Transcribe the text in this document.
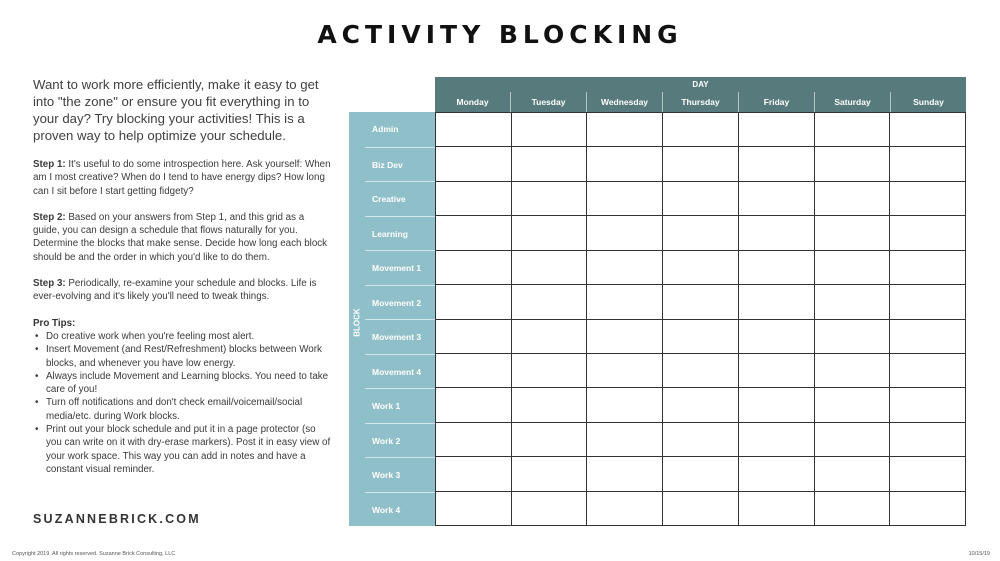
ACTIVITY BLOCKING

Want to work more efficiently, make it easy to get into "the zone" or ensure you fit everything in to your day? Try blocking your activities! This is a proven way to help optimize your schedule.

Step 1: It's useful to do some introspection here. Ask yourself: When am I most creative? When do I tend to have energy dips? How long can I sit before I start getting fidgety?

Step 2: Based on your answers from Step 1, and this grid as a guide, you can design a schedule that flows naturally for you. Determine the blocks that make sense. Decide how long each block should be and the order in which you'd like to do them.

Step 3: Periodically, re-examine your schedule and blocks. Life is ever-evolving and it's likely you'll need to tweak things.

Pro Tips:
• Do creative work when you're feeling most alert.
• Insert Movement (and Rest/Refreshment) blocks between Work blocks, and whenever you have low energy.
• Always include Movement and Learning blocks. You need to take care of you!
• Turn off notifications and don't check email/voicemail/social media/etc. during Work blocks.
• Print out your block schedule and put it in a page protector (so you can write on it with dry-erase markers). Post it in easy view of your work space. This way you can add in notes and have a constant visual reminder.
SUZANNEBRICK.COM
Copyright 2019. All rights reserved. Suzanne Brick Consulting, LLC	10/15/19
DAY
Monday	Tuesday	Wednesday	Thursday	Friday	Saturday	Sunday
BLOCK
Admin
Biz Dev
Creative
Learning
Movement 1
Movement 2
Movement 3
Movement 4
Work 1
Work 2
Work 3
Work 4
